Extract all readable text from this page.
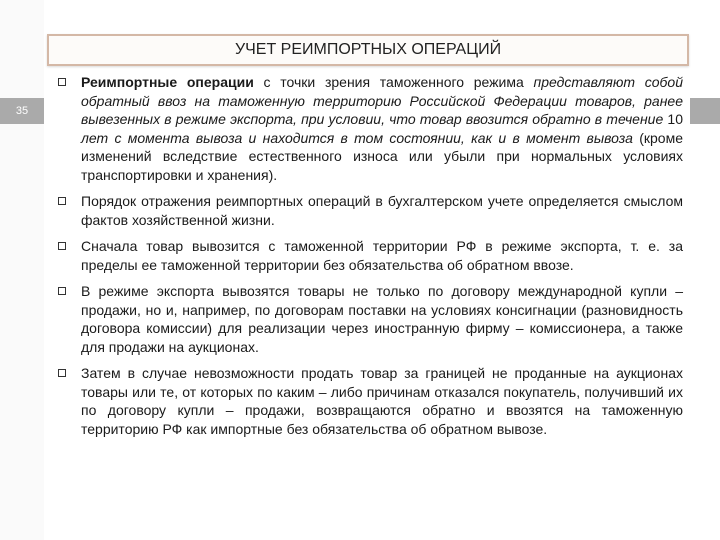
35
УЧЕТ РЕИМПОРТНЫХ ОПЕРАЦИЙ

Реимпортные операции с точки зрения таможенного режима представляют собой обратный ввоз на таможенную территорию Российской Федерации товаров, ранее вывезенных в режиме экспорта, при условии, что товар ввозится обратно в течение 10 лет с момента вывоза и находится в том состоянии, как и в момент вывоза (кроме изменений вследствие естественного износа или убыли при нормальных условиях транспортировки и хранения).

Порядок отражения реимпортных операций в бухгалтерском учете определяется смыслом фактов хозяйственной жизни.

Сначала товар вывозится с таможенной территории РФ в режиме экспорта, т. е. за пределы ее таможенной территории без обязательства об обратном ввозе.

В режиме экспорта вывозятся товары не только по договору международной купли – продажи, но и, например, по договорам поставки на условиях консигнации (разновидность договора комиссии) для реализации через иностранную фирму – комиссионера, а также для продажи на аукционах.

Затем в случае невозможности продать товар за границей не проданные на аукционах товары или те, от которых по каким – либо причинам отказался покупатель, получивший их по договору купли – продажи, возвращаются обратно и ввозятся на таможенную территорию РФ как импортные без обязательства об обратном вывозе.
